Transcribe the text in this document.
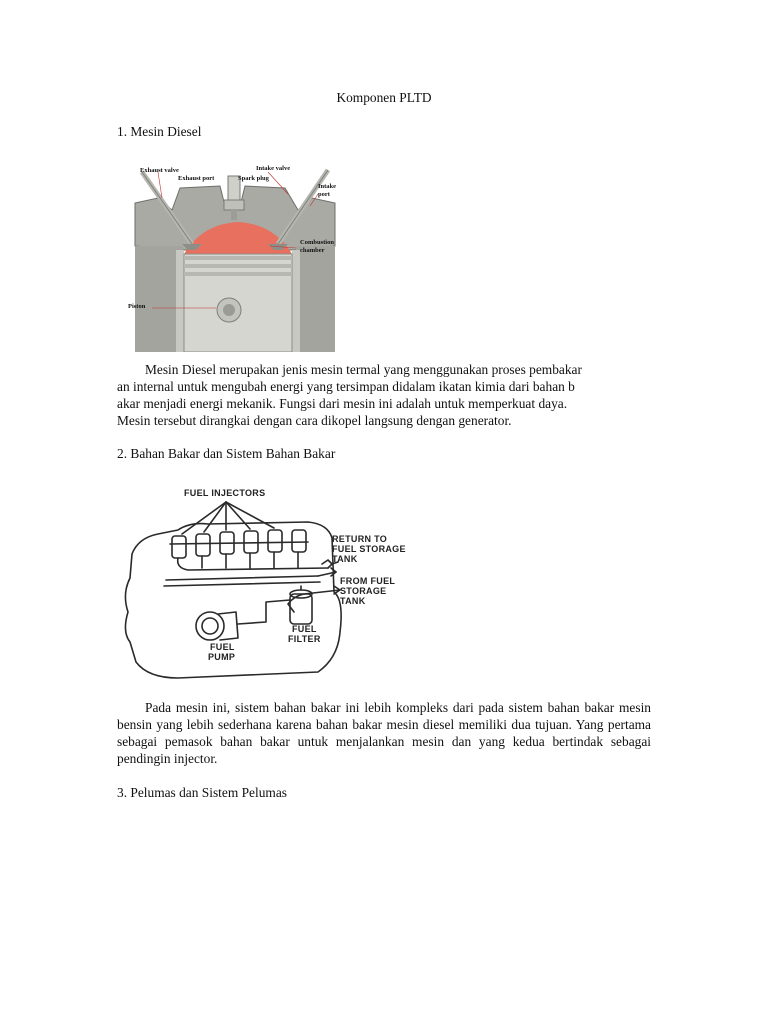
Komponen PLTD
1. Mesin Diesel
Exhaust valve
Exhaust port
Intake valve
Spark plug
Intake
port
Combustion
chamber
Piston

Mesin Diesel merupakan jenis mesin termal yang menggunakan proses pembakar

an internal untuk mengubah energi yang tersimpan didalam ikatan kimia dari bahan b
akar menjadi energi mekanik. Fungsi dari mesin ini adalah untuk memperkuat daya.
Mesin tersebut dirangkai dengan cara dikopel langsung dengan generator.
2. Bahan Bakar dan Sistem Bahan Bakar
FUEL INJECTORS
RETURN TO
FUEL STORAGE
TANK
FROM FUEL
STORAGE
TANK
FUEL
FILTER
FUEL
PUMP

Pada mesin ini, sistem bahan bakar ini lebih kompleks dari pada sistem bahan bakar mesin bensin yang lebih sederhana karena bahan bakar mesin diesel memiliki dua tujuan. Yang pertama sebagai pemasok bahan bakar untuk menjalankan mesin dan yang kedua bertindak sebagai pendingin injector.

3. Pelumas dan Sistem Pelumas
